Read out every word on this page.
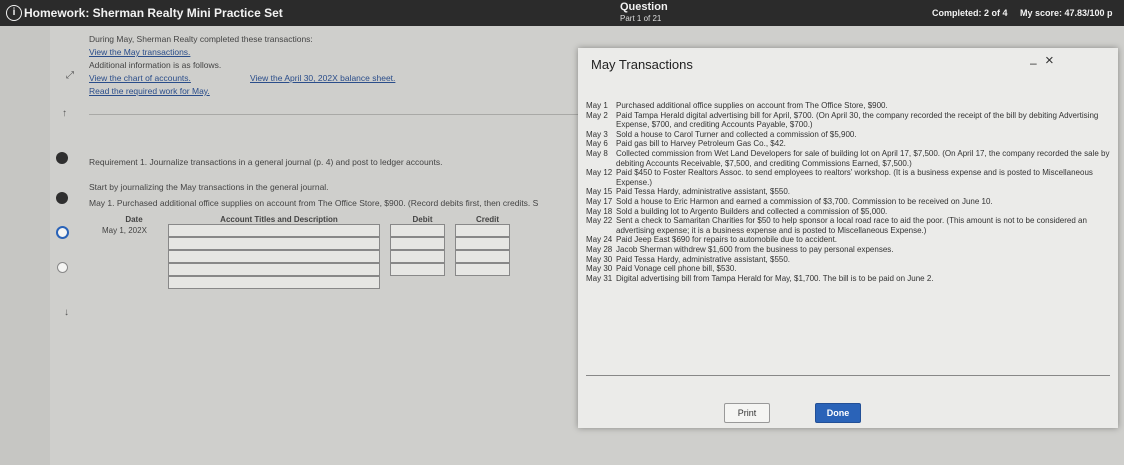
i Homework: Sherman Realty Mini Practice Set	Question
Part 1 of 21
Completed: 2 of 4 My score: 47.83/100 p
⤢
↑
↓
During May, Sherman Realty completed these transactions:
View the May transactions.
Additional information is as follows.
View the chart of accounts.	View the April 30, 202X balance sheet.
Read the required work for May.
Requirement 1. Journalize transactions in a general journal (p. 4) and post to ledger accounts.
Start by journalizing the May transactions in the general journal.
May 1. Purchased additional office supplies on account from The Office Store, $900. (Record debits first, then credits. S
Date	Account Titles and Description	Debit	Credit
May 1, 202X	

May Transactions	– ×
May 1	Purchased additional office supplies on account from The Office Store, $900.
May 2	Paid Tampa Herald digital advertising bill for April, $700. (On April 30, the company recorded the receipt of the bill by debiting Advertising Expense, $700, and crediting Accounts Payable, $700.)
May 3	Sold a house to Carol Turner and collected a commission of $5,900.
May 6	Paid gas bill to Harvey Petroleum Gas Co., $42.
May 8	Collected commission from Wet Land Developers for sale of building lot on April 17, $7,500. (On April 17, the company recorded the sale by debiting Accounts Receivable, $7,500, and crediting Commissions Earned, $7,500.)
May 12 Paid $450 to Foster Realtors Assoc. to send employees to realtors' workshop. (It is a business expense and is posted to Miscellaneous Expense.)
May 15 Paid Tessa Hardy, administrative assistant, $550.
May 17 Sold a house to Eric Harmon and earned a commission of $3,700. Commission to be received on June 10.
May 18 Sold a building lot to Argento Builders and collected a commission of $5,000.
May 22 Sent a check to Samaritan Charities for $50 to help sponsor a local road race to aid the poor. (This amount is not to be considered an advertising expense; it is a business expense and is posted to Miscellaneous Expense.)
May 24 Paid Jeep East $690 for repairs to automobile due to accident.
May 28 Jacob Sherman withdrew $1,600 from the business to pay personal expenses.
May 30 Paid Tessa Hardy, administrative assistant, $550.
May 30 Paid Vonage cell phone bill, $530.
May 31 Digital advertising bill from Tampa Herald for May, $1,700. The bill is to be paid on June 2.
Print	Done
